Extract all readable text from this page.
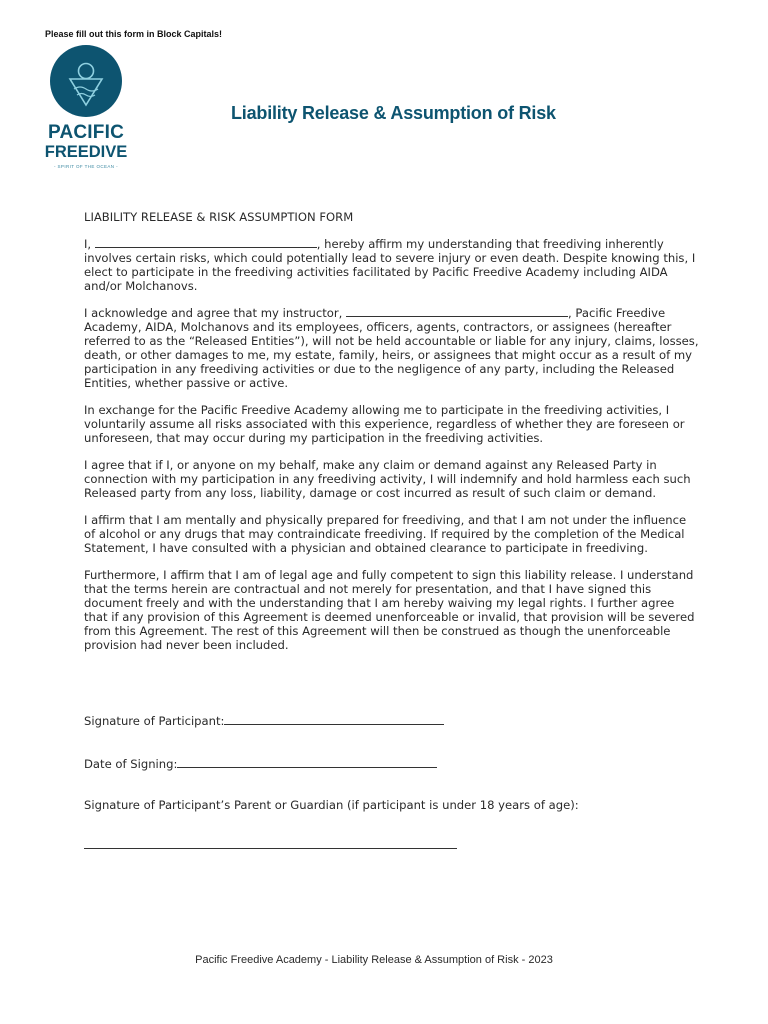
Please fill out this form in Block Capitals!
PACIFIC
FREEDIVE
- SPIRIT OF THE OCEAN -
Liability Release & Assumption of Risk

LIABILITY RELEASE & RISK ASSUMPTION FORM

I,	, hereby affirm my understanding that freediving inherently involves certain risks, which could potentially lead to severe injury or even death. Despite knowing this, I elect to participate in the freediving activities facilitated by Pacific Freedive Academy including AIDA and/or Molchanovs.

I acknowledge and agree that my instructor,	, Pacific Freedive Academy, AIDA, Molchanovs and its employees, officers, agents, contractors, or assignees (hereafter referred to as the “Released Entities”), will not be held accountable or liable for any injury, claims, losses, death, or other damages to me, my estate, family, heirs, or assignees that might occur as a result of my participation in any freediving activities or due to the negligence of any party, including the Released Entities, whether passive or active.

In exchange for the Pacific Freedive Academy allowing me to participate in the freediving activities, I voluntarily assume all risks associated with this experience, regardless of whether they are foreseen or unforeseen, that may occur during my participation in the freediving activities.

I agree that if I, or anyone on my behalf, make any claim or demand against any Released Party in connection with my participation in any freediving activity, I will indemnify and hold harmless each such Released party from any loss, liability, damage or cost incurred as result of such claim or demand.

I affirm that I am mentally and physically prepared for freediving, and that I am not under the influence of alcohol or any drugs that may contraindicate freediving. If required by the completion of the Medical Statement, I have consulted with a physician and obtained clearance to participate in freediving.

Furthermore, I affirm that I am of legal age and fully competent to sign this liability release. I understand that the terms herein are contractual and not merely for presentation, and that I have signed this document freely and with the understanding that I am hereby waiving my legal rights. I further agree that if any provision of this Agreement is deemed unenforceable or invalid, that provision will be severed from this Agreement. The rest of this Agreement will then be construed as though the unenforceable provision had never been included.

Signature of Participant:
Date of Signing:
Signature of Participant’s Parent or Guardian (if participant is under 18 years of age):
Pacific Freedive Academy - Liability Release & Assumption of Risk - 2023
